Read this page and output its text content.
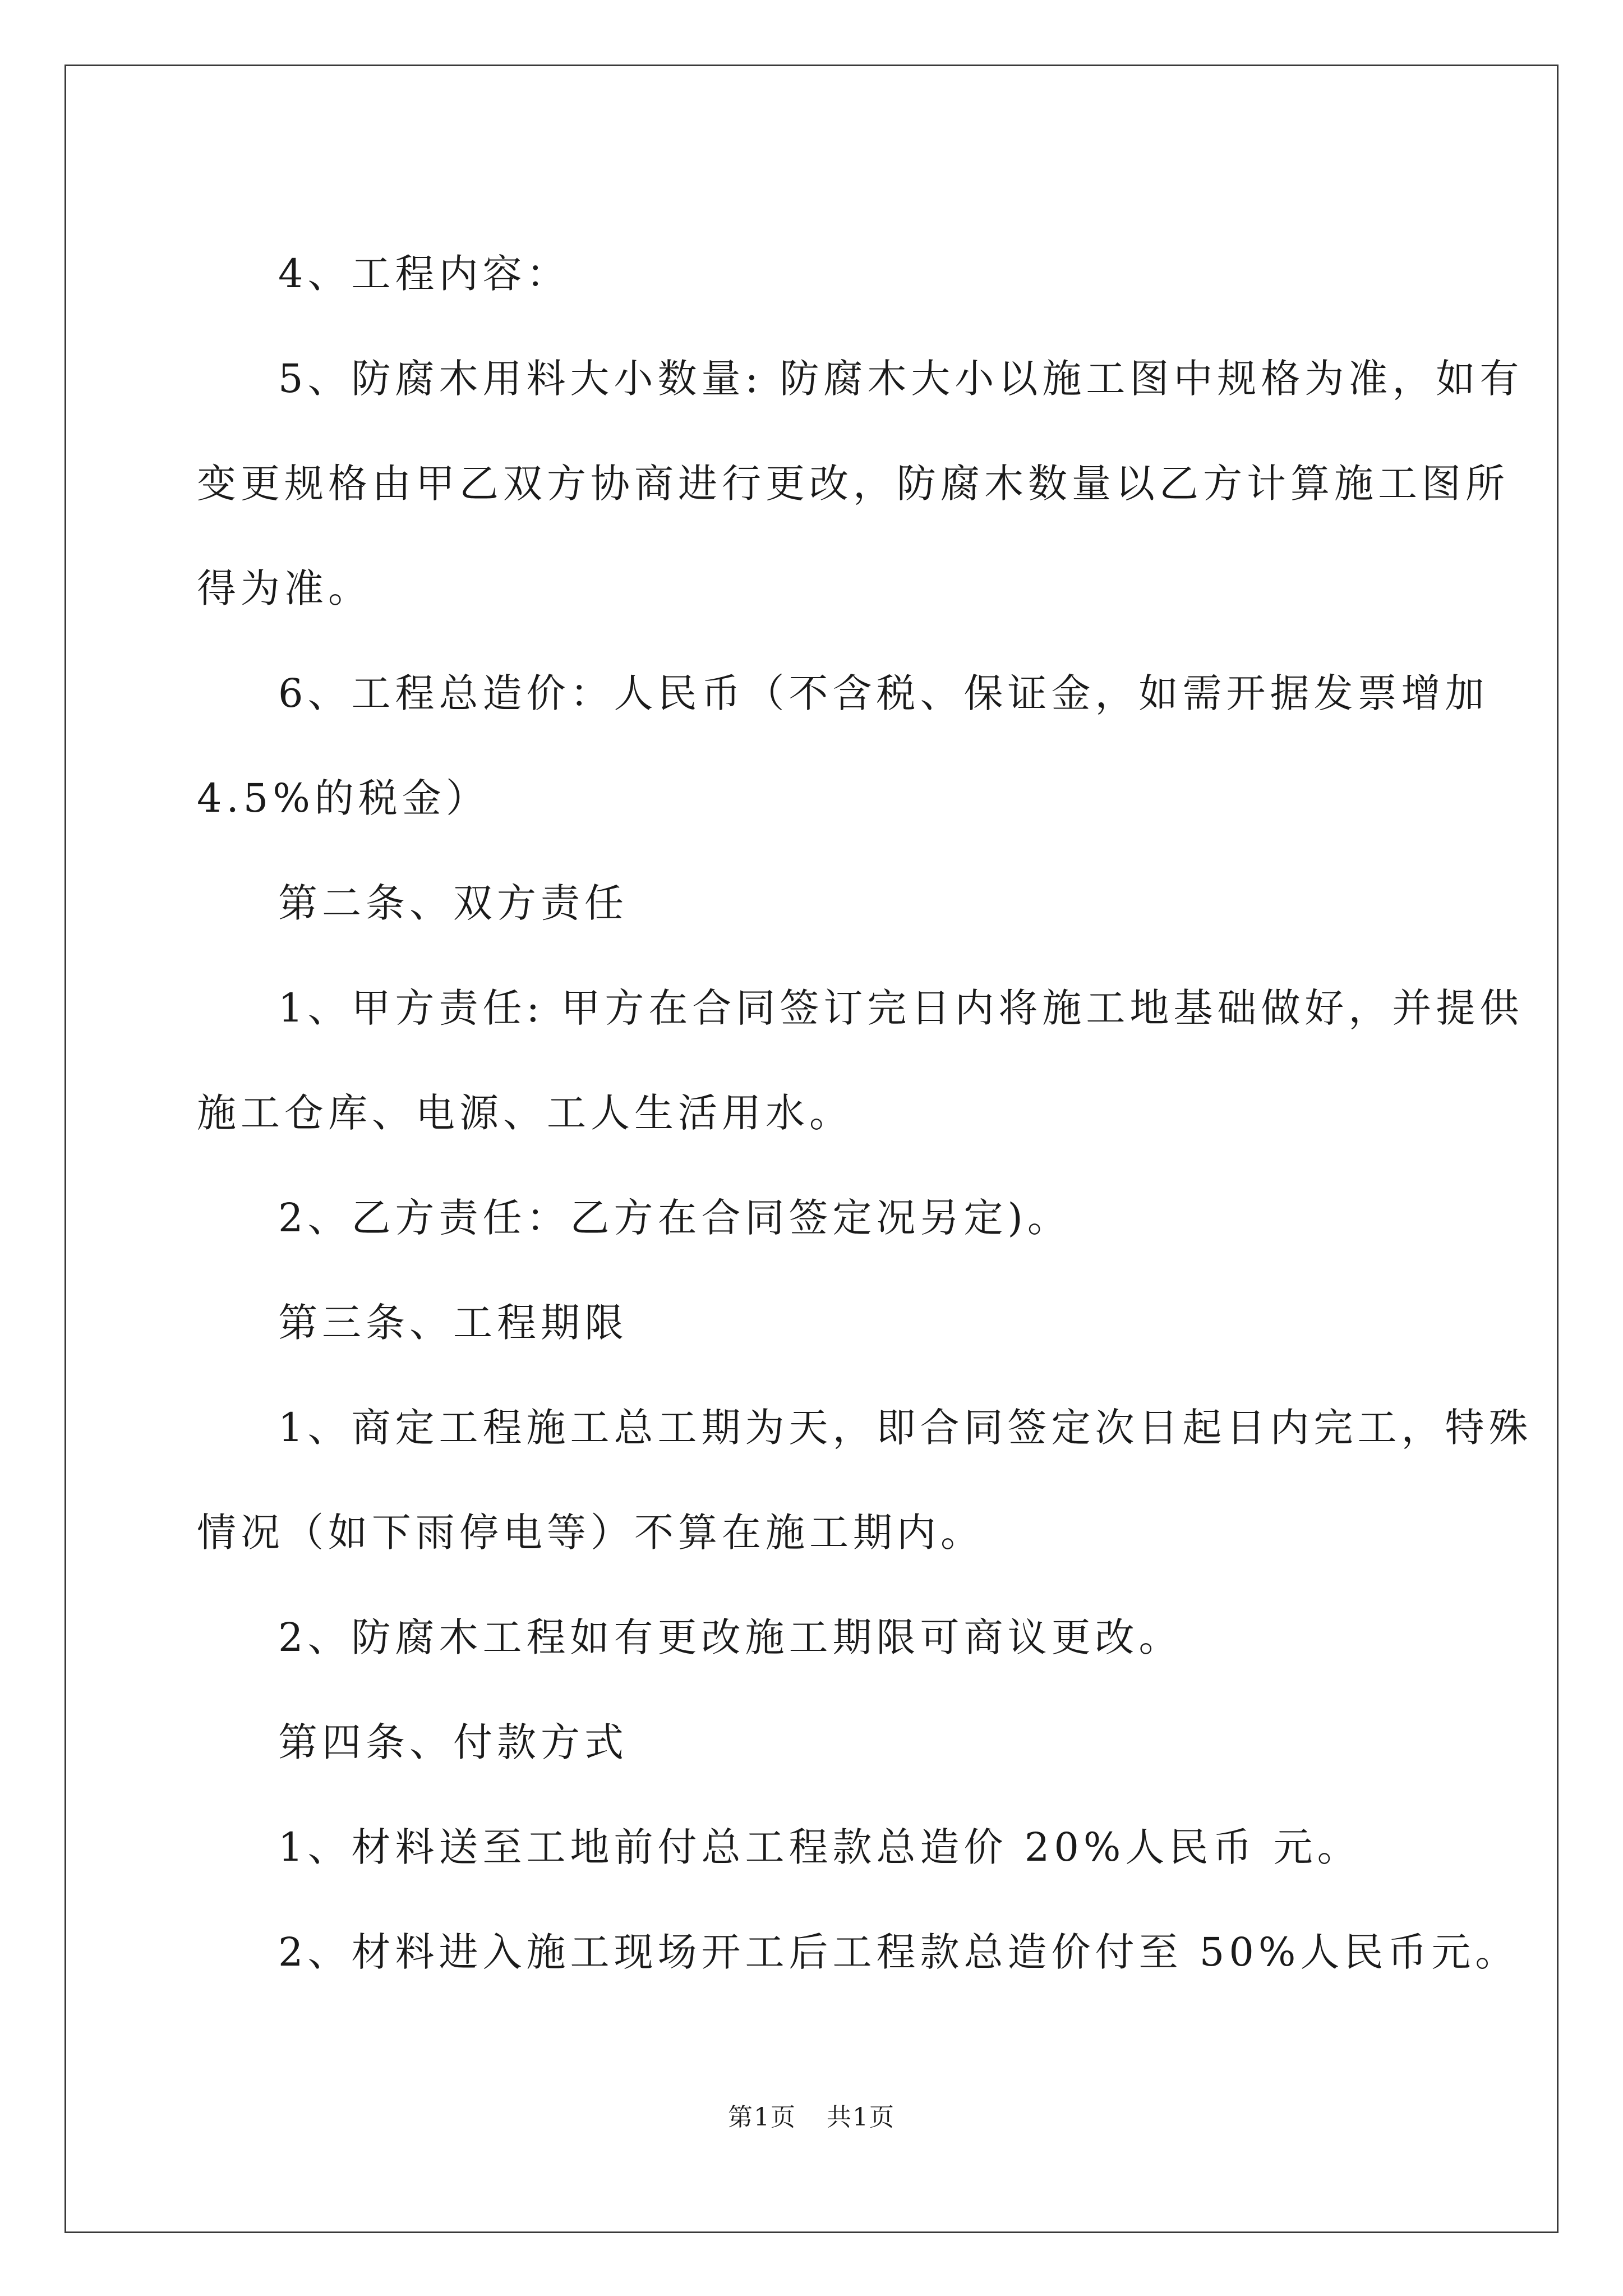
4、工程内容：

5、防腐木用料大小数量: 防腐木大小以施工图中规格为准，如有

变更规格由甲乙双方协商进行更改，防腐木数量以乙方计算施工图所

得为准。

6、工程总造价：人民币（不含税、保证金，如需开据发票增加

4.5%的税金）

第二条、双方责任

1、甲方责任: 甲方在合同签订完日内将施工地基础做好，并提供

施工仓库、电源、工人生活用水。

2、乙方责任：乙方在合同签定况另定)。

第三条、工程期限

1、商定工程施工总工期为天，即合同签定次日起日内完工，特殊

情况（如下雨停电等）不算在施工期内。

2、防腐木工程如有更改施工期限可商议更改。

第四条、付款方式

1、材料送至工地前付总工程款总造价 20%人民币 元。

2、材料进入施工现场开工后工程款总造价付至 50%人民币元。

第1页 共1页
